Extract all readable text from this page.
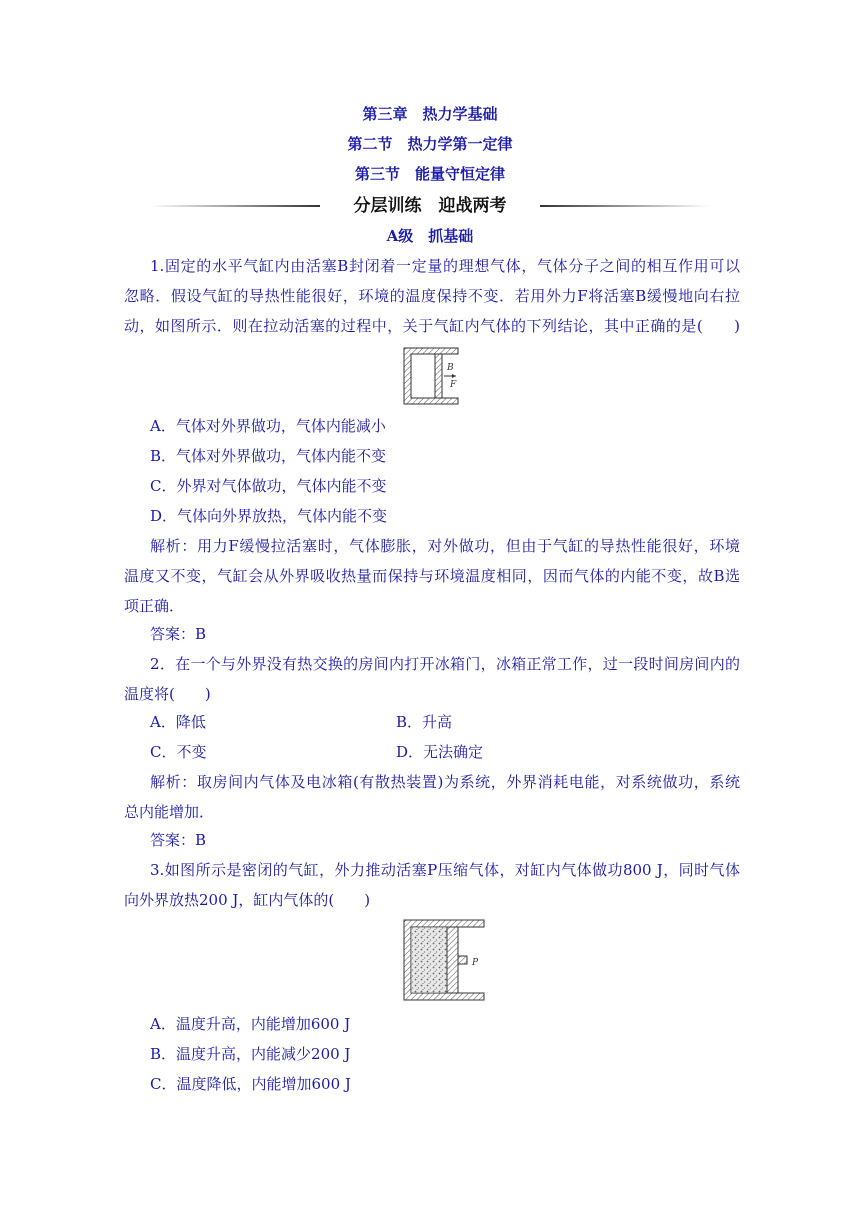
第三章　热力学基础
第二节　热力学第一定律
第三节　能量守恒定律
分层训练　迎战两考
A级　抓基础
1.固定的水平气缸内由活塞B封闭着一定量的理想气体，气体分子之间的相互作用可以
忽略．假设气缸的导热性能很好，环境的温度保持不变．若用外力F将活塞B缓慢地向右拉
动，如图所示．则在拉动活塞的过程中，关于气缸内气体的下列结论，其中正确的是(　　)
B
F
A．气体对外界做功，气体内能减小
B．气体对外界做功，气体内能不变
C．外界对气体做功，气体内能不变
D．气体向外界放热，气体内能不变
解析：用力F缓慢拉活塞时，气体膨胀，对外做功，但由于气缸的导热性能很好，环境
温度又不变，气缸会从外界吸收热量而保持与环境温度相同，因而气体的内能不变，故B选
项正确．
答案：B
2．在一个与外界没有热交换的房间内打开冰箱门，冰箱正常工作，过一段时间房间内的
温度将(　　)
A．降低	B．升高
C．不变	D．无法确定
解析：取房间内气体及电冰箱(有散热装置)为系统，外界消耗电能，对系统做功，系统
总内能增加．
答案：B
3.如图所示是密闭的气缸，外力推动活塞P压缩气体，对缸内气体做功800 J，同时气体
向外界放热200 J，缸内气体的(　　)
P
A．温度升高，内能增加600 J
B．温度升高，内能减少200 J
C．温度降低，内能增加600 J
